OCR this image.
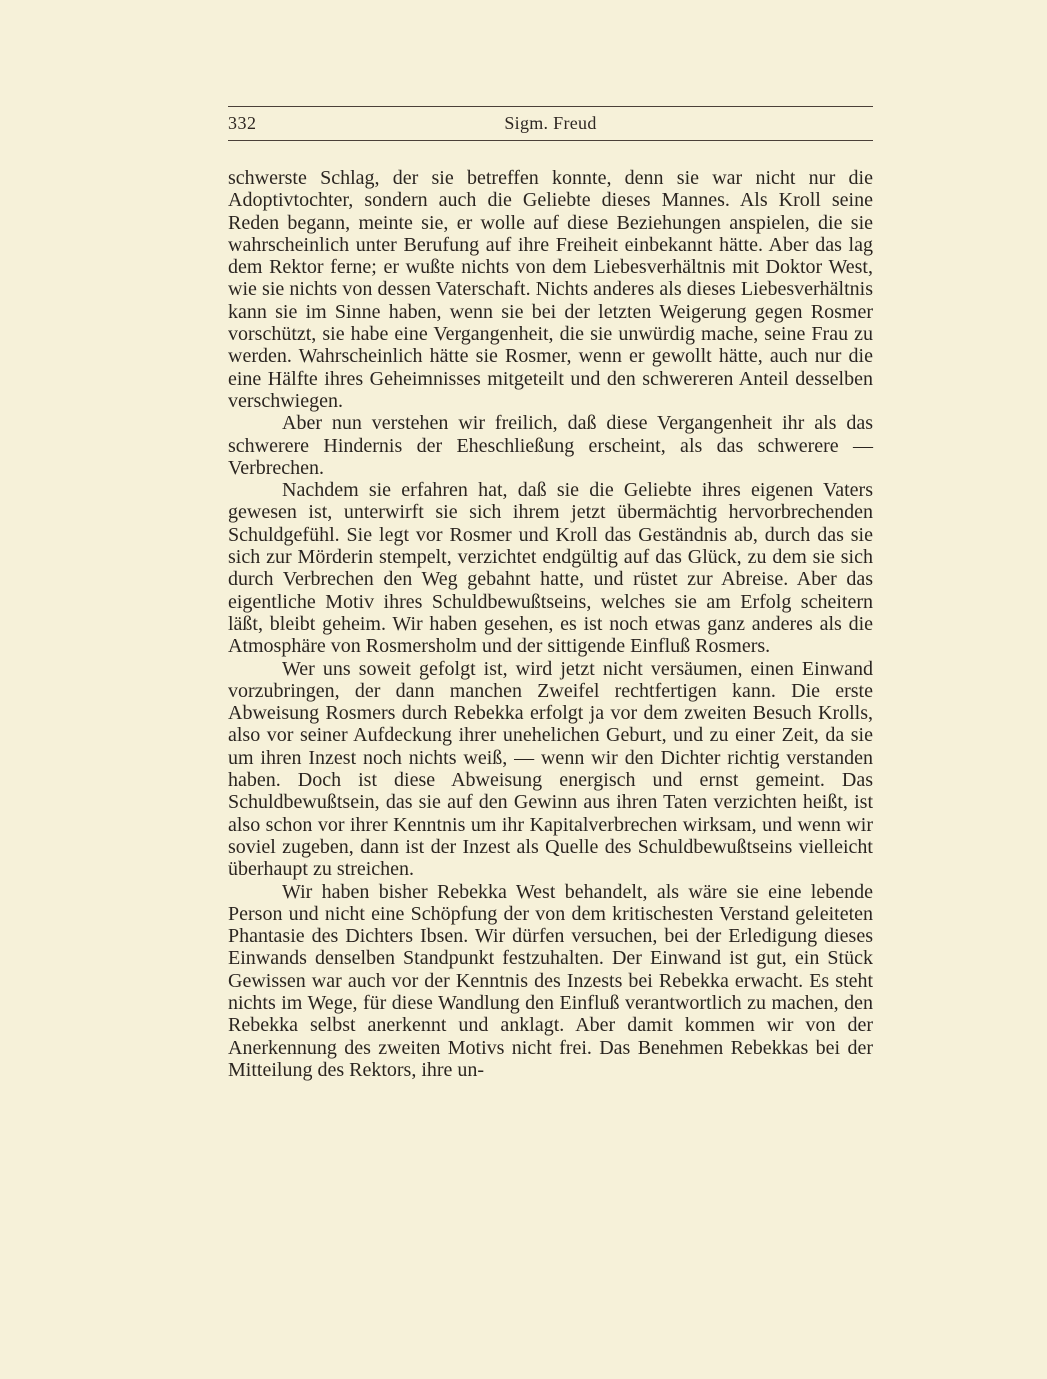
332	Sigm. Freud

schwerste Schlag, der sie betreffen konnte, denn sie war nicht nur die Adoptivtochter, sondern auch die Geliebte dieses Mannes. Als Kroll seine Reden begann, meinte sie, er wolle auf diese Beziehungen anspielen, die sie wahrscheinlich unter Berufung auf ihre Freiheit einbekannt hätte. Aber das lag dem Rektor ferne; er wußte nichts von dem Liebesverhältnis mit Doktor West, wie sie nichts von dessen Vaterschaft. Nichts anderes als dieses Liebesverhältnis kann sie im Sinne haben, wenn sie bei der letzten Weigerung gegen Rosmer vorschützt, sie habe eine Vergangenheit, die sie unwürdig mache, seine Frau zu werden. Wahrscheinlich hätte sie Rosmer, wenn er gewollt hätte, auch nur die eine Hälfte ihres Geheimnisses mitgeteilt und den schwereren Anteil desselben verschwiegen.

Aber nun verstehen wir freilich, daß diese Vergangenheit ihr als das schwerere Hindernis der Eheschließung erscheint, als das schwerere — Verbrechen.

Nachdem sie erfahren hat, daß sie die Geliebte ihres eigenen Vaters gewesen ist, unterwirft sie sich ihrem jetzt übermächtig hervorbrechenden Schuldgefühl. Sie legt vor Rosmer und Kroll das Geständnis ab, durch das sie sich zur Mörderin stempelt, verzichtet endgültig auf das Glück, zu dem sie sich durch Verbrechen den Weg gebahnt hatte, und rüstet zur Abreise. Aber das eigentliche Motiv ihres Schuldbewußtseins, welches sie am Erfolg scheitern läßt, bleibt geheim. Wir haben gesehen, es ist noch etwas ganz anderes als die Atmosphäre von Rosmersholm und der sittigende Einfluß Rosmers.

Wer uns soweit gefolgt ist, wird jetzt nicht versäumen, einen Einwand vorzubringen, der dann manchen Zweifel rechtfertigen kann. Die erste Abweisung Rosmers durch Rebekka erfolgt ja vor dem zweiten Besuch Krolls, also vor seiner Aufdeckung ihrer unehelichen Geburt, und zu einer Zeit, da sie um ihren Inzest noch nichts weiß, — wenn wir den Dichter richtig verstanden haben. Doch ist diese Abweisung energisch und ernst gemeint. Das Schuldbewußtsein, das sie auf den Gewinn aus ihren Taten verzichten heißt, ist also schon vor ihrer Kenntnis um ihr Kapitalverbrechen wirksam, und wenn wir soviel zugeben, dann ist der Inzest als Quelle des Schuldbewußtseins vielleicht überhaupt zu streichen.

Wir haben bisher Rebekka West behandelt, als wäre sie eine lebende Person und nicht eine Schöpfung der von dem kritischesten Verstand geleiteten Phantasie des Dichters Ibsen. Wir dürfen versuchen, bei der Erledigung dieses Einwands denselben Standpunkt festzuhalten. Der Einwand ist gut, ein Stück Gewissen war auch vor der Kenntnis des Inzests bei Rebekka erwacht. Es steht nichts im Wege, für diese Wandlung den Einfluß verantwortlich zu machen, den Rebekka selbst anerkennt und anklagt. Aber damit kommen wir von der Anerkennung des zweiten Motivs nicht frei. Das Benehmen Rebekkas bei der Mitteilung des Rektors, ihre un-
